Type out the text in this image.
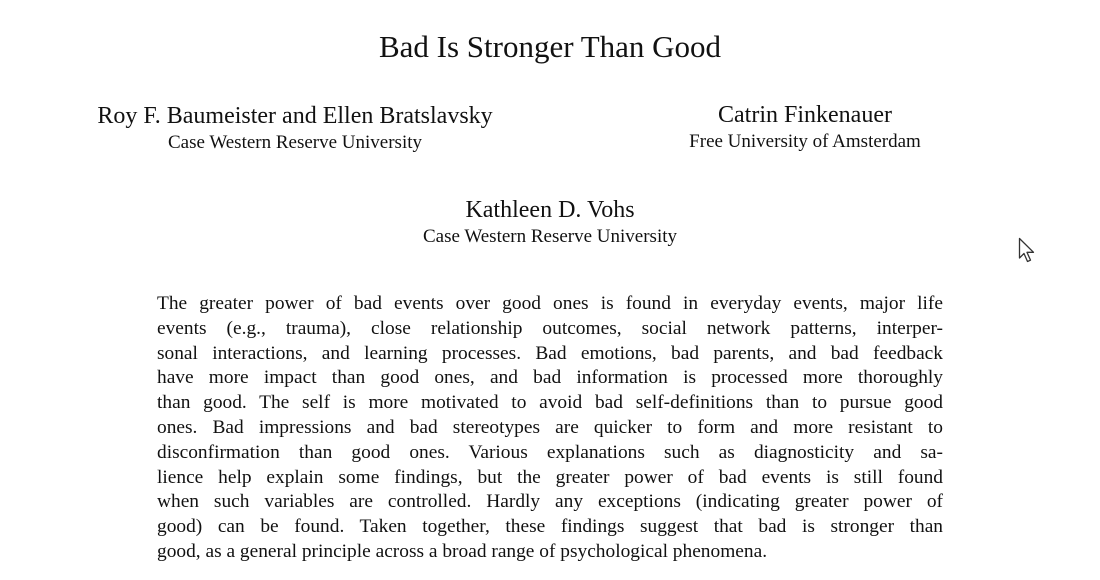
Bad Is Stronger Than Good
Roy F. Baumeister and Ellen Bratslavsky
Case Western Reserve University
Catrin Finkenauer
Free University of Amsterdam
Kathleen D. Vohs
Case Western Reserve University
The greater power of bad events over good ones is found in everyday events, major life
events (e.g., trauma), close relationship outcomes, social network patterns, interper-
sonal interactions, and learning processes. Bad emotions, bad parents, and bad feedback
have more impact than good ones, and bad information is processed more thoroughly
than good. The self is more motivated to avoid bad self-definitions than to pursue good
ones. Bad impressions and bad stereotypes are quicker to form and more resistant to
disconfirmation than good ones. Various explanations such as diagnosticity and sa-
lience help explain some findings, but the greater power of bad events is still found
when such variables are controlled. Hardly any exceptions (indicating greater power of
good) can be found. Taken together, these findings suggest that bad is stronger than
good, as a general principle across a broad range of psychological phenomena.
